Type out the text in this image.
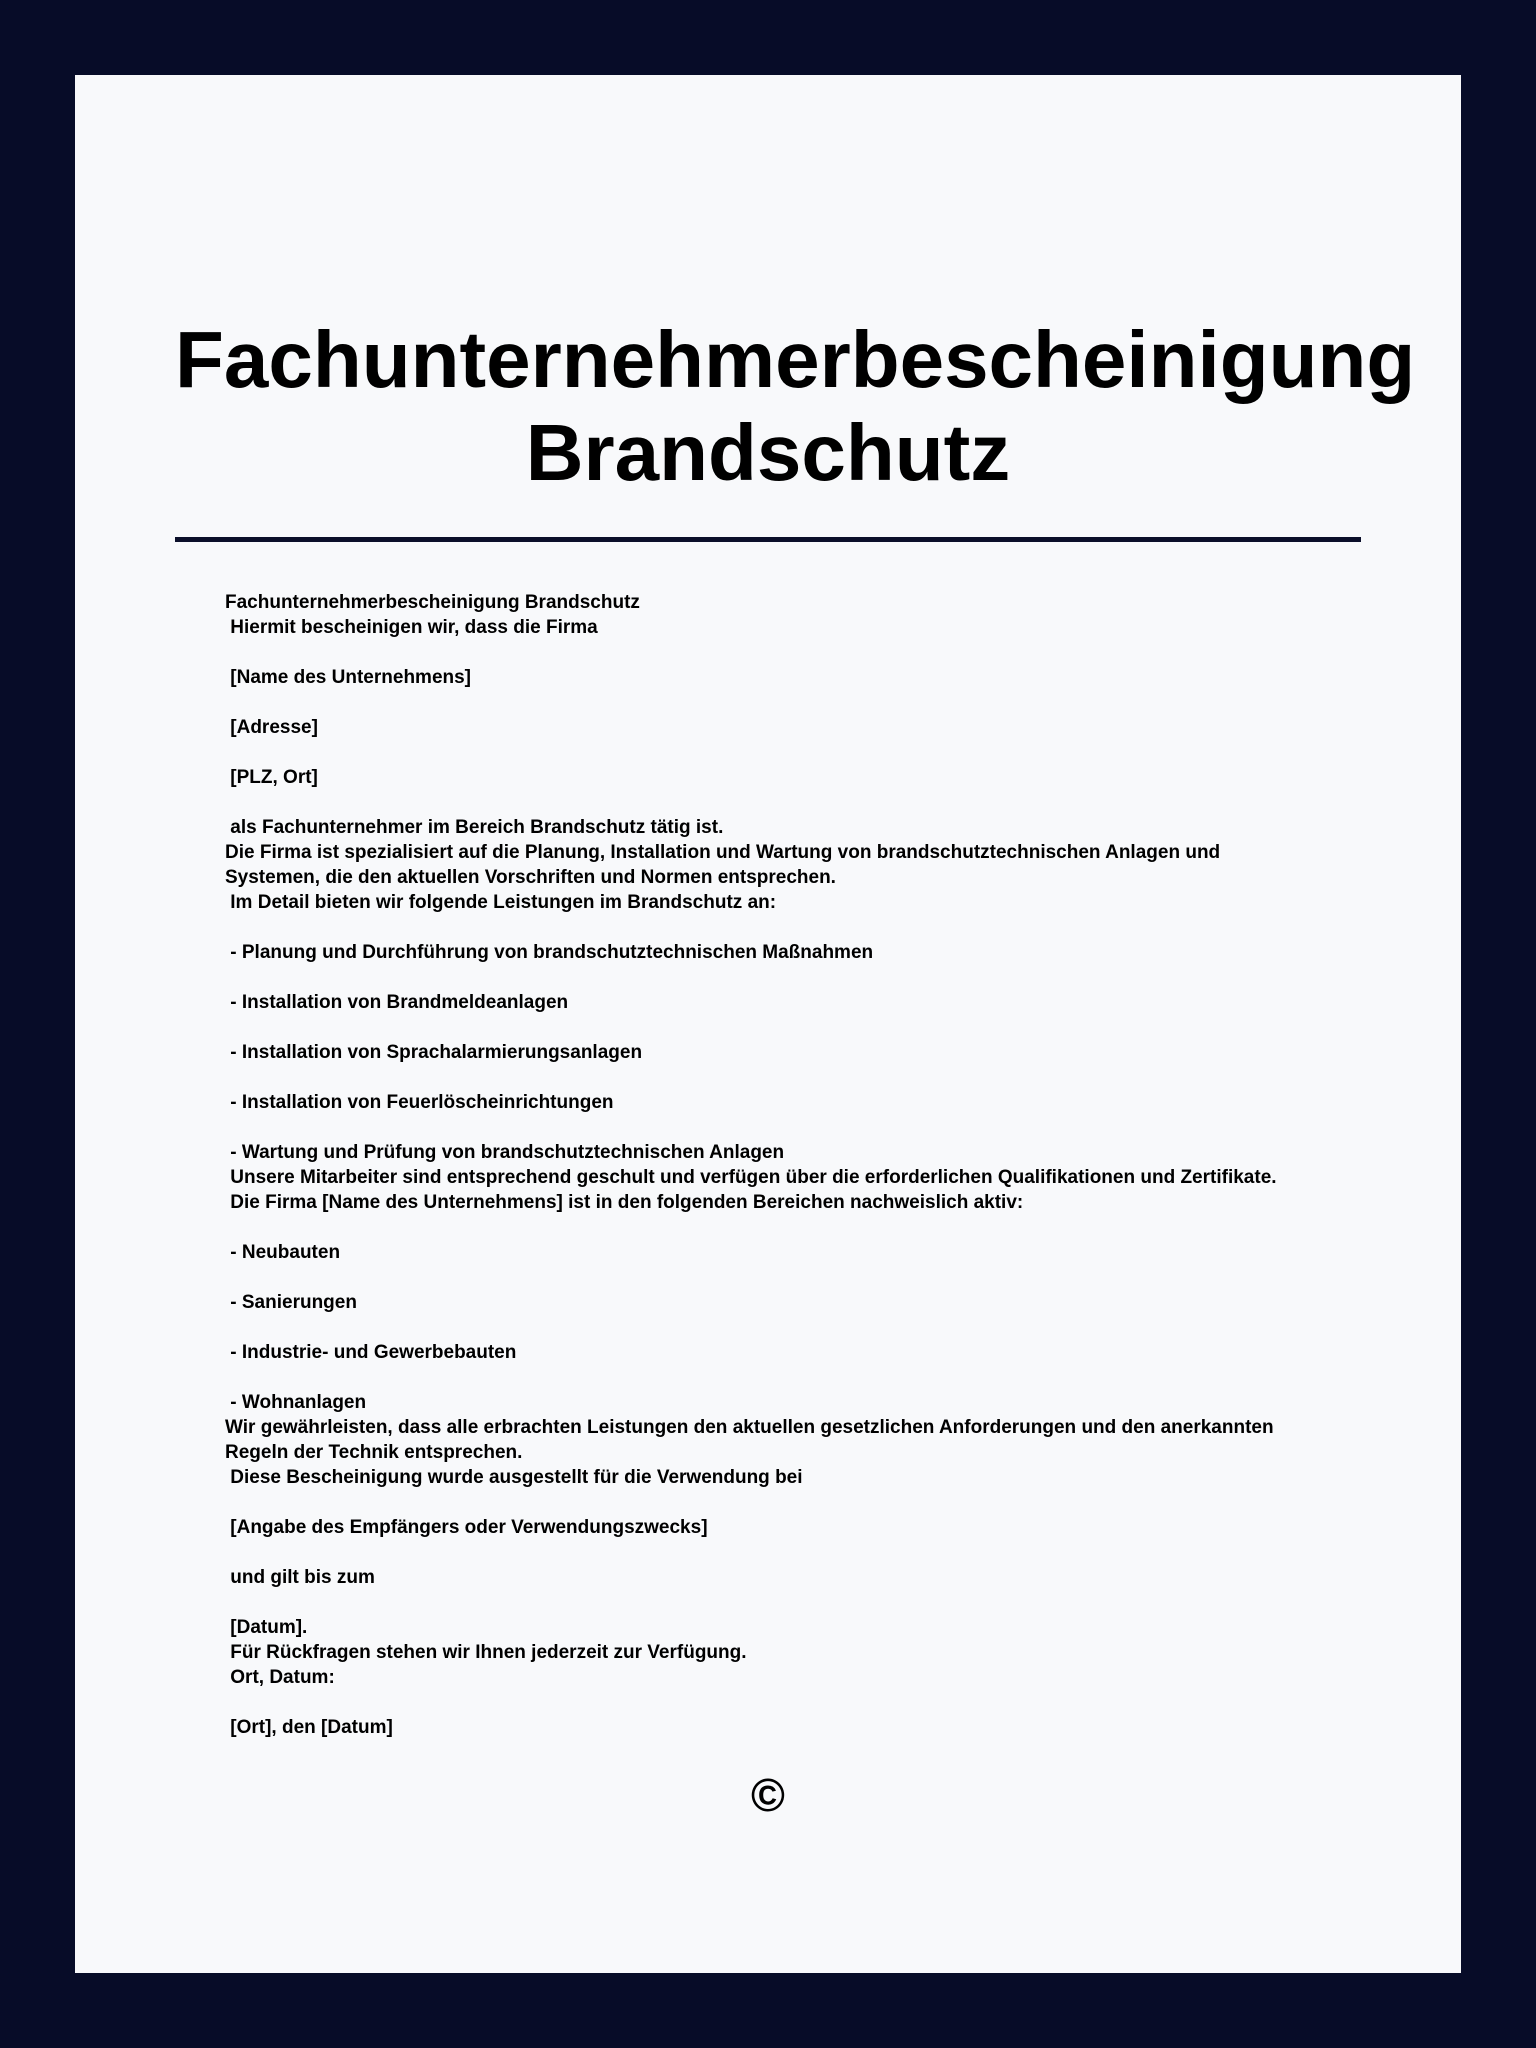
Fachunternehmerbescheinigung
Brandschutz
Fachunternehmerbescheinigung Brandschutz
Hiermit bescheinigen wir, dass die Firma
[Name des Unternehmens]
[Adresse]
[PLZ, Ort]
als Fachunternehmer im Bereich Brandschutz tätig ist.
Die Firma ist spezialisiert auf die Planung, Installation und Wartung von brandschutztechnischen Anlagen und Systemen, die den aktuellen Vorschriften und Normen entsprechen.
Im Detail bieten wir folgende Leistungen im Brandschutz an:
- Planung und Durchführung von brandschutztechnischen Maßnahmen
- Installation von Brandmeldeanlagen
- Installation von Sprachalarmierungsanlagen
- Installation von Feuerlöscheinrichtungen
- Wartung und Prüfung von brandschutztechnischen Anlagen
Unsere Mitarbeiter sind entsprechend geschult und verfügen über die erforderlichen Qualifikationen und Zertifikate.
Die Firma [Name des Unternehmens] ist in den folgenden Bereichen nachweislich aktiv:
- Neubauten
- Sanierungen
- Industrie- und Gewerbebauten
- Wohnanlagen
Wir gewährleisten, dass alle erbrachten Leistungen den aktuellen gesetzlichen Anforderungen und den anerkannten Regeln der Technik entsprechen.
Diese Bescheinigung wurde ausgestellt für die Verwendung bei
[Angabe des Empfängers oder Verwendungszwecks]
und gilt bis zum
[Datum].
Für Rückfragen stehen wir Ihnen jederzeit zur Verfügung.
Ort, Datum:
[Ort], den [Datum]
©
